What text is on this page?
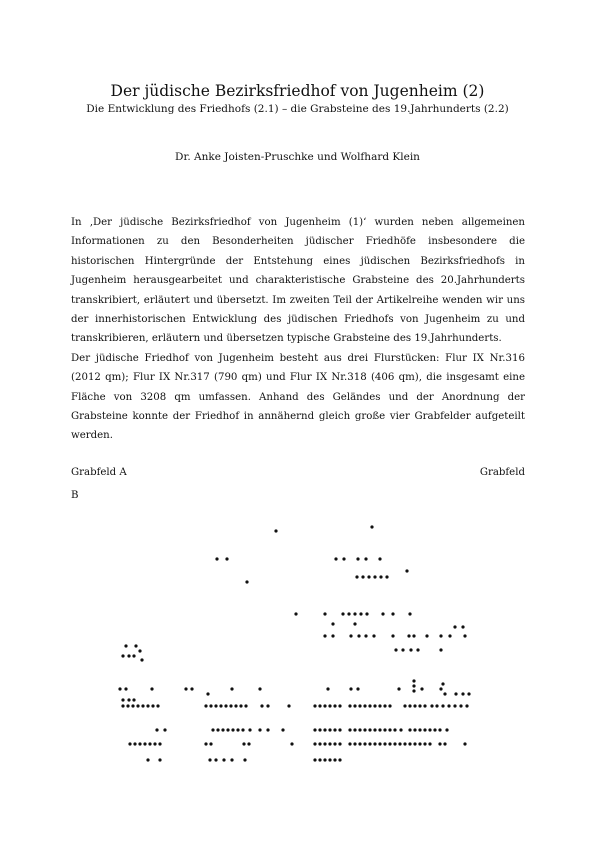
Der jüdische Bezirksfriedhof von Jugenheim (2)
Die Entwicklung des Friedhofs (2.1) – die Grabsteine des 19.Jahrhunderts (2.2)
Dr. Anke Joisten-Pruschke und Wolfhard Klein

In ‚Der jüdische Bezirksfriedhof von Jugenheim (1)‘ wurden neben allgemeinen Informationen zu den Besonderheiten jüdischer Friedhöfe insbesondere die historischen Hintergründe der Entstehung eines jüdischen Bezirksfriedhofs in Jugenheim herausgearbeitet und charakteristische Grabsteine des 20.Jahrhunderts transkribiert, erläutert und übersetzt. Im zweiten Teil der Artikelreihe wenden wir uns der innerhistorischen Entwicklung des jüdischen Friedhofs von Jugenheim zu und transkribieren, erläutern und übersetzen typische Grabsteine des 19.Jahrhunderts.

Der jüdische Friedhof von Jugenheim besteht aus drei Flurstücken: Flur IX Nr.316 (2012 qm); Flur IX Nr.317 (790 qm) und Flur IX Nr.318 (406 qm), die insgesamt eine Fläche von 3208 qm umfassen. Anhand des Geländes und der Anordnung der Grabsteine konnte der Friedhof in annähernd gleich große vier Grabfelder aufgeteilt werden.

Grabfeld A	Grabfeld
B
